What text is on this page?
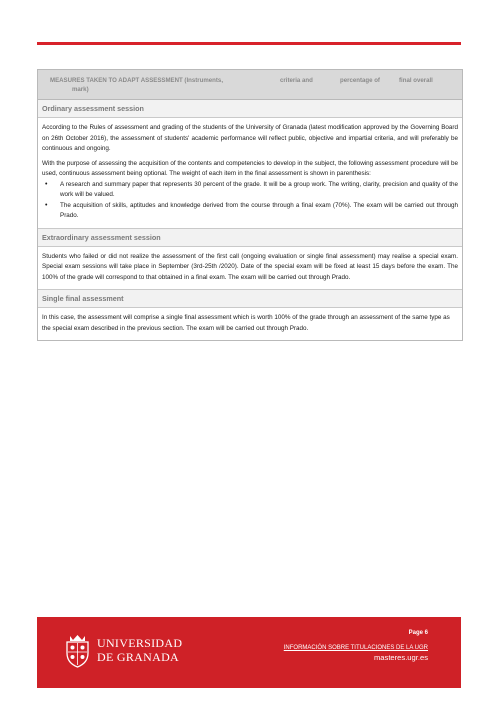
MEASURES TAKEN TO ADAPT ASSESSMENT (Instruments,
mark)
criteria and	percentage of	final overall
Ordinary assessment session

According to the Rules of assessment and grading of the students of the University of Granada (latest modification approved by the Governing Board on 26th October 2016), the assessment of students' academic performance will reflect public, objective and impartial criteria, and will preferably be continuous and ongoing.

With the purpose of assessing the acquisition of the contents and competencies to develop in the subject, the following assessment procedure will be used, continuous assessment being optional. The weight of each item in the final assessment is shown in parenthesis:

• A research and summary paper that represents 30 percent of the grade. It will be a group work. The writing, clarity, precision and quality of the work will be valued.
• The acquisition of skills, aptitudes and knowledge derived from the course through a final exam (70%). The exam will be carried out through Prado.
Extraordinary assessment session

Students who failed or did not realize the assessment of the first call (ongoing evaluation or single final assessment) may realise a special exam. Special exam sessions will take place in September (3rd-25th /2020). Date of the special exam will be fixed at least 15 days before the exam. The 100% of the grade will correspond to that obtained in a final exam. The exam will be carried out through Prado.

Single final assessment

In this case, the assessment will comprise a single final assessment which is worth 100% of the grade through an assessment of the same type as the special exam described in the previous section. The exam will be carried out through Prado.

UNIVERSIDAD
DE GRANADA
Page 6
INFORMACIÓN SOBRE TITULACIONES DE LA UGR
masteres.ugr.es
